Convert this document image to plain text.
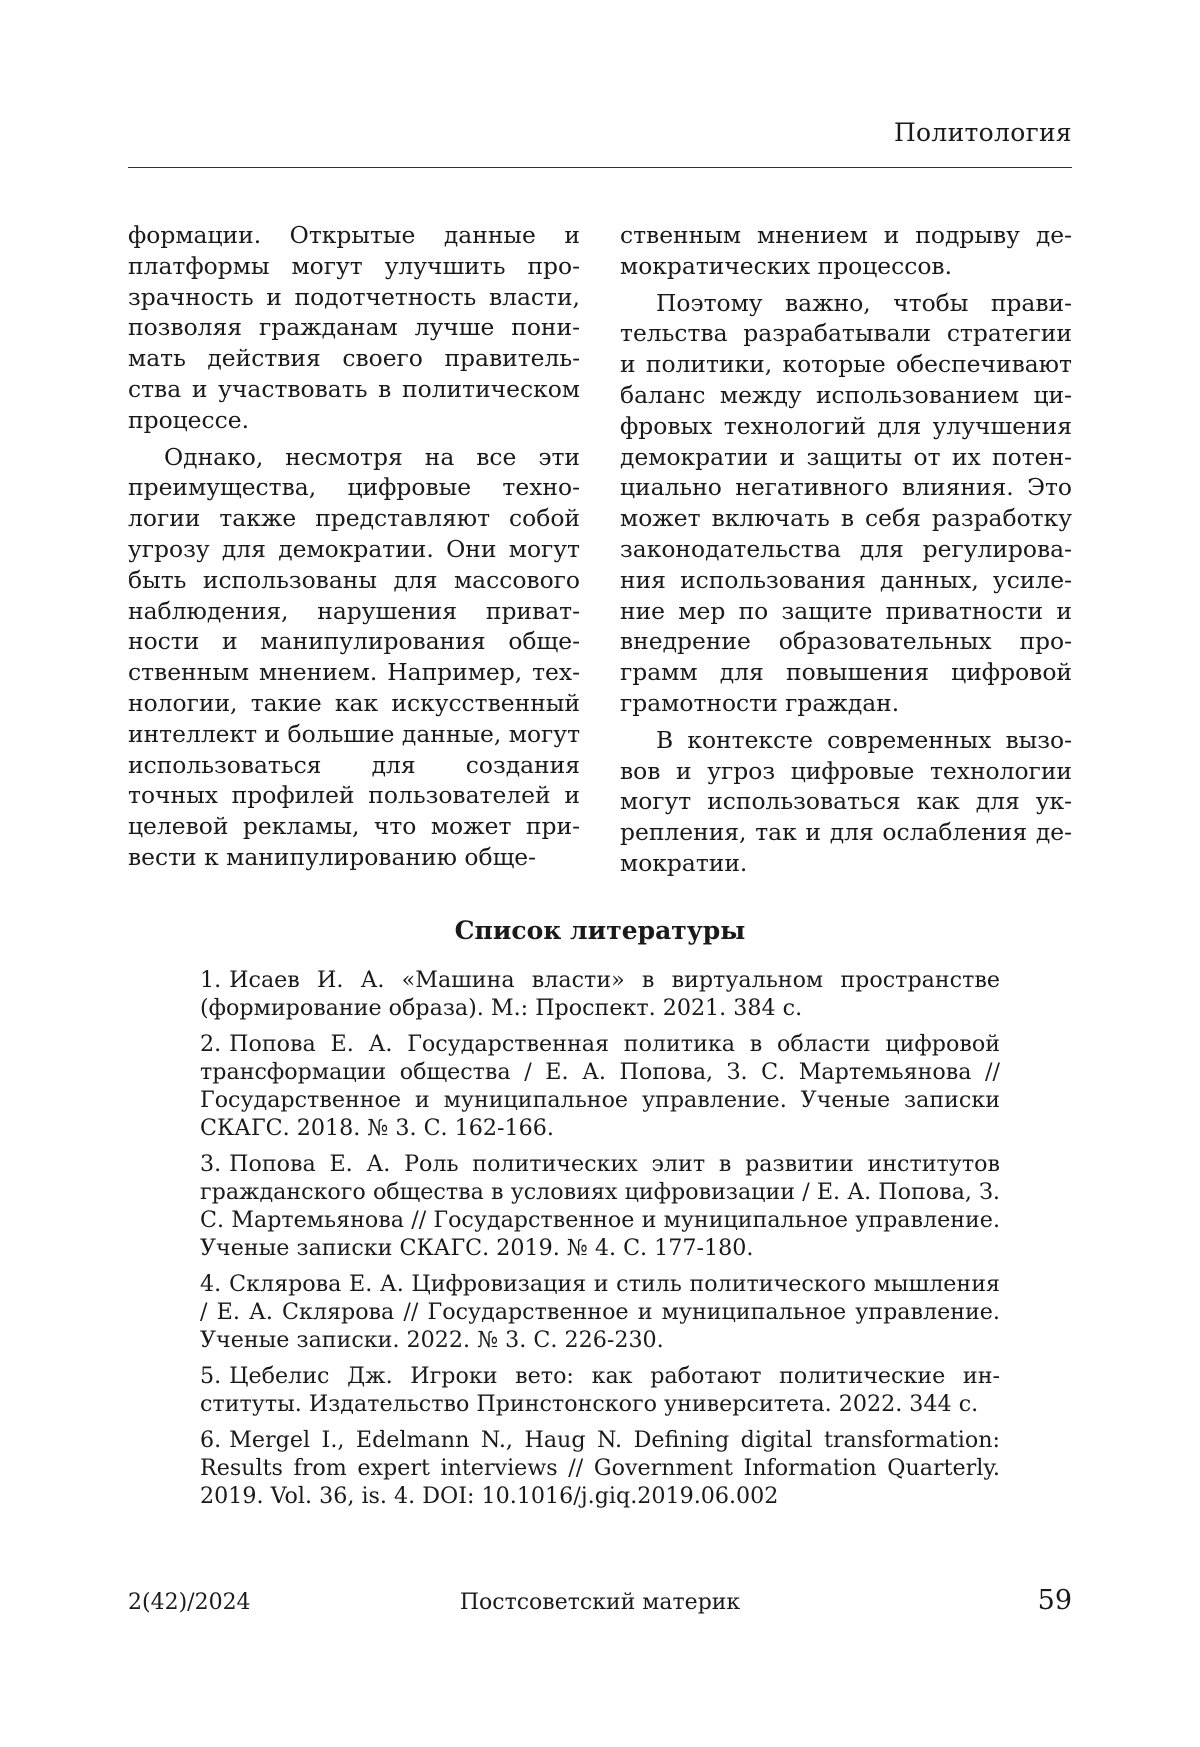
Политология

формации. Открытые данные и платформы могут улучшить прозрачность и подотчетность власти, позволяя гражданам лучше понимать действия своего правительства и участвовать в политическом процессе.

Однако, несмотря на все эти преимущества, цифровые технологии также представляют собой угрозу для демократии. Они могут быть использованы для массового наблюдения, нарушения приватности и манипулирования общественным мнением. Например, технологии, такие как искусственный интеллект и большие данные, могут использоваться для создания точных профилей пользователей и целевой рекламы, что может привести к манипулированию обще-

ственным мнением и подрыву демократических процессов.

Поэтому важно, чтобы правительства разрабатывали стратегии и политики, которые обеспечивают баланс между использованием цифровых технологий для улучшения демократии и защиты от их потенциально негативного влияния. Это может включать в себя разработку законодательства для регулирования использования данных, усиление мер по защите приватности и внедрение образовательных программ для повышения цифровой грамотности граждан.

В контексте современных вызовов и угроз цифровые технологии могут использоваться как для укрепления, так и для ослабления демократии.

Список литературы
1. Исаев И. А. «Машина власти» в виртуальном пространстве (формирование образа). М.: Проспект. 2021. 384 с.
2. Попова Е. А. Государственная политика в области цифровой трансформации общества / Е. А. Попова, З. С. Мартемьянова // Государственное и муниципальное управление. Ученые записки СКАГС. 2018. № 3. С. 162-166.
3. Попова Е. А. Роль политических элит в развитии институтов гражданского общества в условиях цифровизации / Е. А. Попова, З. С. Мартемьянова // Государственное и муниципальное управление. Ученые записки СКАГС. 2019. № 4. С. 177-180.
4. Склярова Е. А. Цифровизация и стиль политического мышления / Е. А. Склярова // Государственное и муниципальное управление. Ученые записки. 2022. № 3. С. 226-230.
5. Цебелис Дж. Игроки вето: как работают политические институты. Издательство Принстонского университета. 2022. 344 с.
6. Mergel I., Edelmann N., Haug N. Defining digital transformation: Results from expert interviews // Government Information Quarterly. 2019. Vol. 36, is. 4. DOI: 10.1016/j.giq.2019.06.002
2(42)/2024	Постсоветский материк	59
